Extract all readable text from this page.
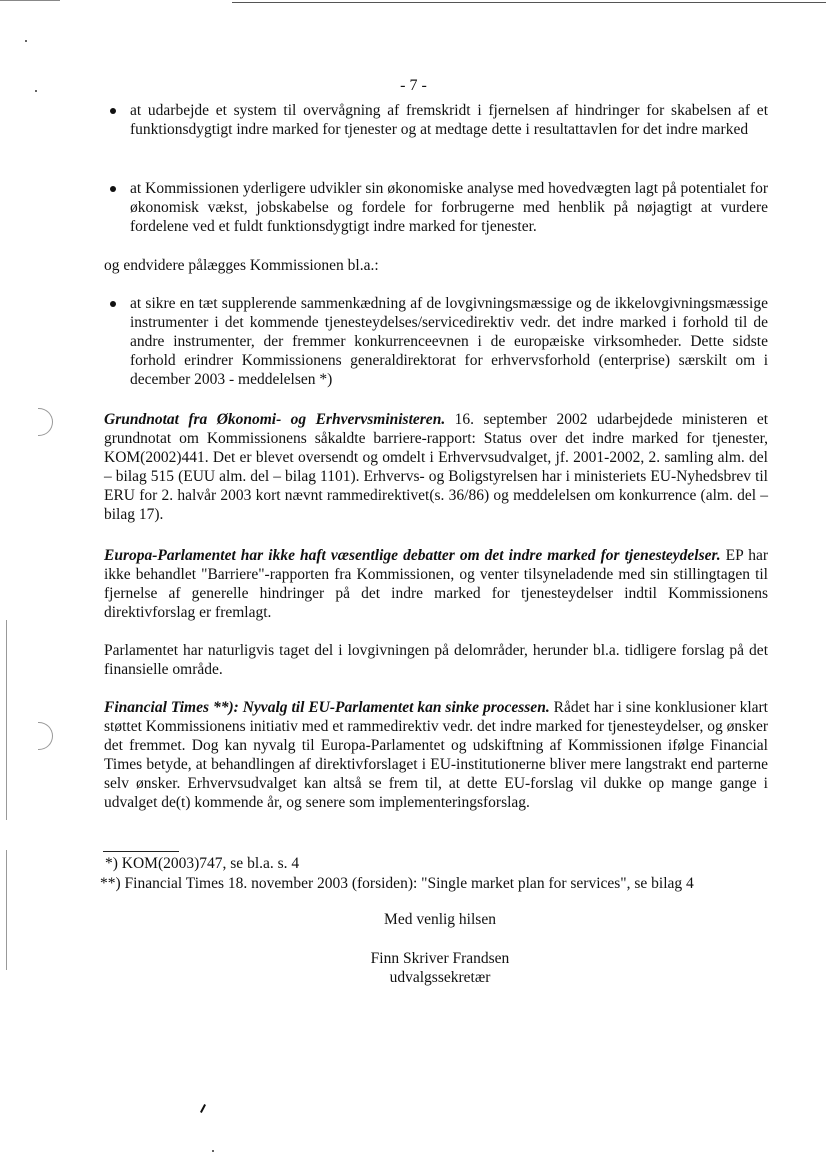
- 7 -
at udarbejde et system til overvågning af fremskridt i fjernelsen af hindringer for skabelsen af et funktionsdygtigt indre marked for tjenester og at medtage dette i resultattavlen for det indre marked
at Kommissionen yderligere udvikler sin økonomiske analyse med hovedvægten lagt på potentialet for økonomisk vækst, jobskabelse og fordele for forbrugerne med henblik på nøjagtigt at vurdere fordelene ved et fuldt funktionsdygtigt indre marked for tjenester.
og endvidere pålægges Kommissionen bl.a.:
at sikre en tæt supplerende sammenkædning af de lovgivningsmæssige og de ikkelovgivningsmæssige instrumenter i det kommende tjenesteydelses/servicedirektiv vedr. det indre marked i forhold til de andre instrumenter, der fremmer konkurrenceevnen i de europæiske virksomheder. Dette sidste forhold erindrer Kommissionens generaldirektorat for erhvervsforhold (enterprise) særskilt om i december 2003 - meddelelsen *)
Grundnotat fra Økonomi- og Erhvervsministeren. 16. september 2002 udarbejdede ministeren et grundnotat om Kommissionens såkaldte barriere-rapport: Status over det indre marked for tjenester, KOM(2002)441. Det er blevet oversendt og omdelt i Erhvervsudvalget, jf. 2001-2002, 2. samling alm. del – bilag 515 (EUU alm. del – bilag 1101). Erhvervs- og Boligstyrelsen har i ministeriets EU-Nyhedsbrev til ERU for 2. halvår 2003 kort nævnt rammedirektivet(s. 36/86) og meddelelsen om konkurrence (alm. del – bilag 17).
Europa-Parlamentet har ikke haft væsentlige debatter om det indre marked for tjenesteydelser. EP har ikke behandlet "Barriere"-rapporten fra Kommissionen, og venter tilsyneladende med sin stillingtagen til fjernelse af generelle hindringer på det indre marked for tjenesteydelser indtil Kommissionens direktivforslag er fremlagt.
Parlamentet har naturligvis taget del i lovgivningen på delområder, herunder bl.a. tidligere forslag på det finansielle område.
Financial Times **): Nyvalg til EU-Parlamentet kan sinke processen. Rådet har i sine konklusioner klart støttet Kommissionens initiativ med et rammedirektiv vedr. det indre marked for tjenesteydelser, og ønsker det fremmet. Dog kan nyvalg til Europa-Parlamentet og udskiftning af Kommissionen ifølge Financial Times betyde, at behandlingen af direktivforslaget i EU-institutionerne bliver mere langstrakt end parterne selv ønsker. Erhvervsudvalget kan altså se frem til, at dette EU-forslag vil dukke op mange gange i udvalget de(t) kommende år, og senere som implementeringsforslag.
*) KOM(2003)747, se bl.a. s. 4
**) Financial Times 18. november 2003 (forsiden): "Single market plan for services", se bilag 4
Med venlig hilsen
Finn Skriver Frandsen
udvalgssekretær
